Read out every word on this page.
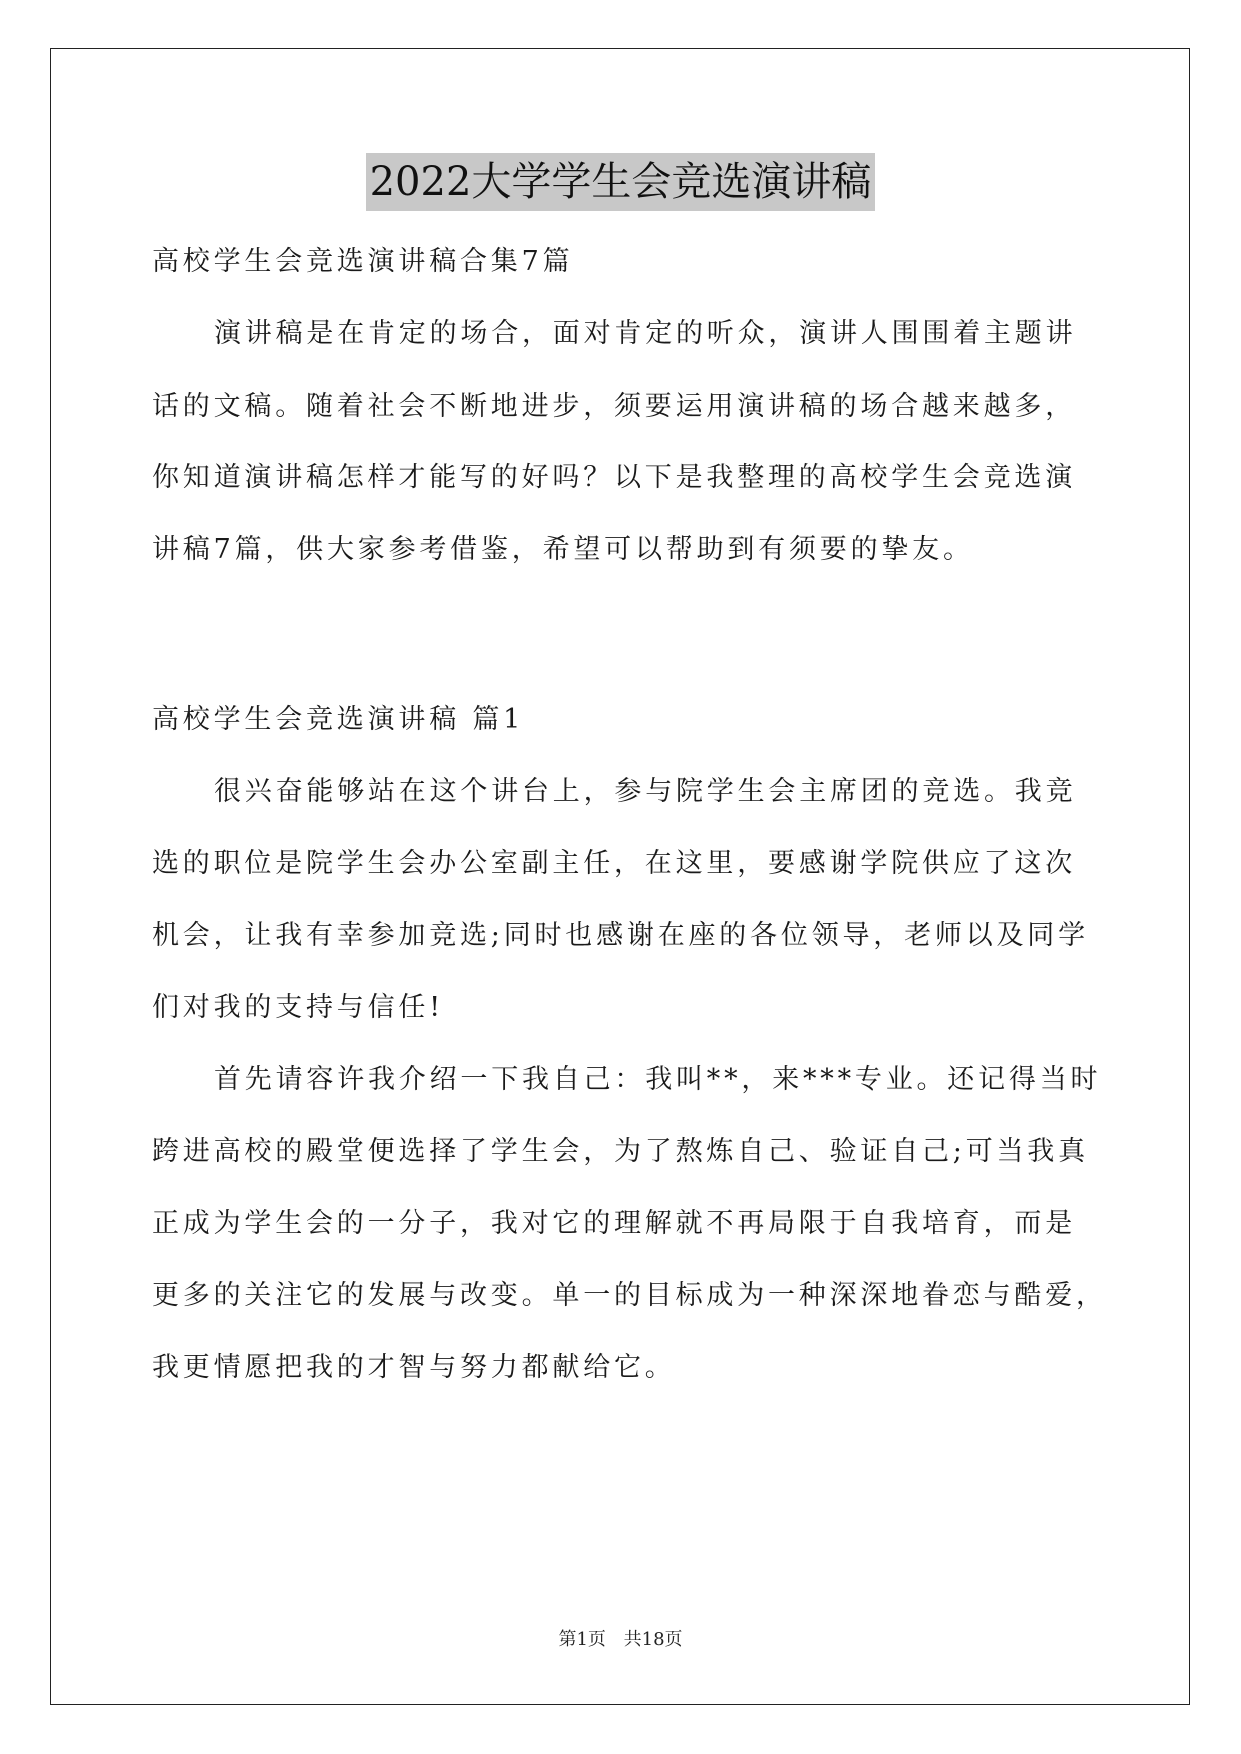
2022大学学生会竞选演讲稿
高校学生会竞选演讲稿合集7篇
演讲稿是在肯定的场合，面对肯定的听众，演讲人围围着主题讲
话的文稿。随着社会不断地进步，须要运用演讲稿的场合越来越多，
你知道演讲稿怎样才能写的好吗？以下是我整理的高校学生会竞选演
讲稿7篇，供大家参考借鉴，希望可以帮助到有须要的挚友。
高校学生会竞选演讲稿 篇1
很兴奋能够站在这个讲台上，参与院学生会主席团的竞选。我竞
选的职位是院学生会办公室副主任，在这里，要感谢学院供应了这次
机会，让我有幸参加竞选;同时也感谢在座的各位领导，老师以及同学
们对我的支持与信任!
首先请容许我介绍一下我自己：我叫**，来***专业。还记得当时
跨进高校的殿堂便选择了学生会，为了熬炼自己、验证自己;可当我真
正成为学生会的一分子，我对它的理解就不再局限于自我培育，而是
更多的关注它的发展与改变。单一的目标成为一种深深地眷恋与酷爱，
我更情愿把我的才智与努力都献给它。
第1页 共18页
